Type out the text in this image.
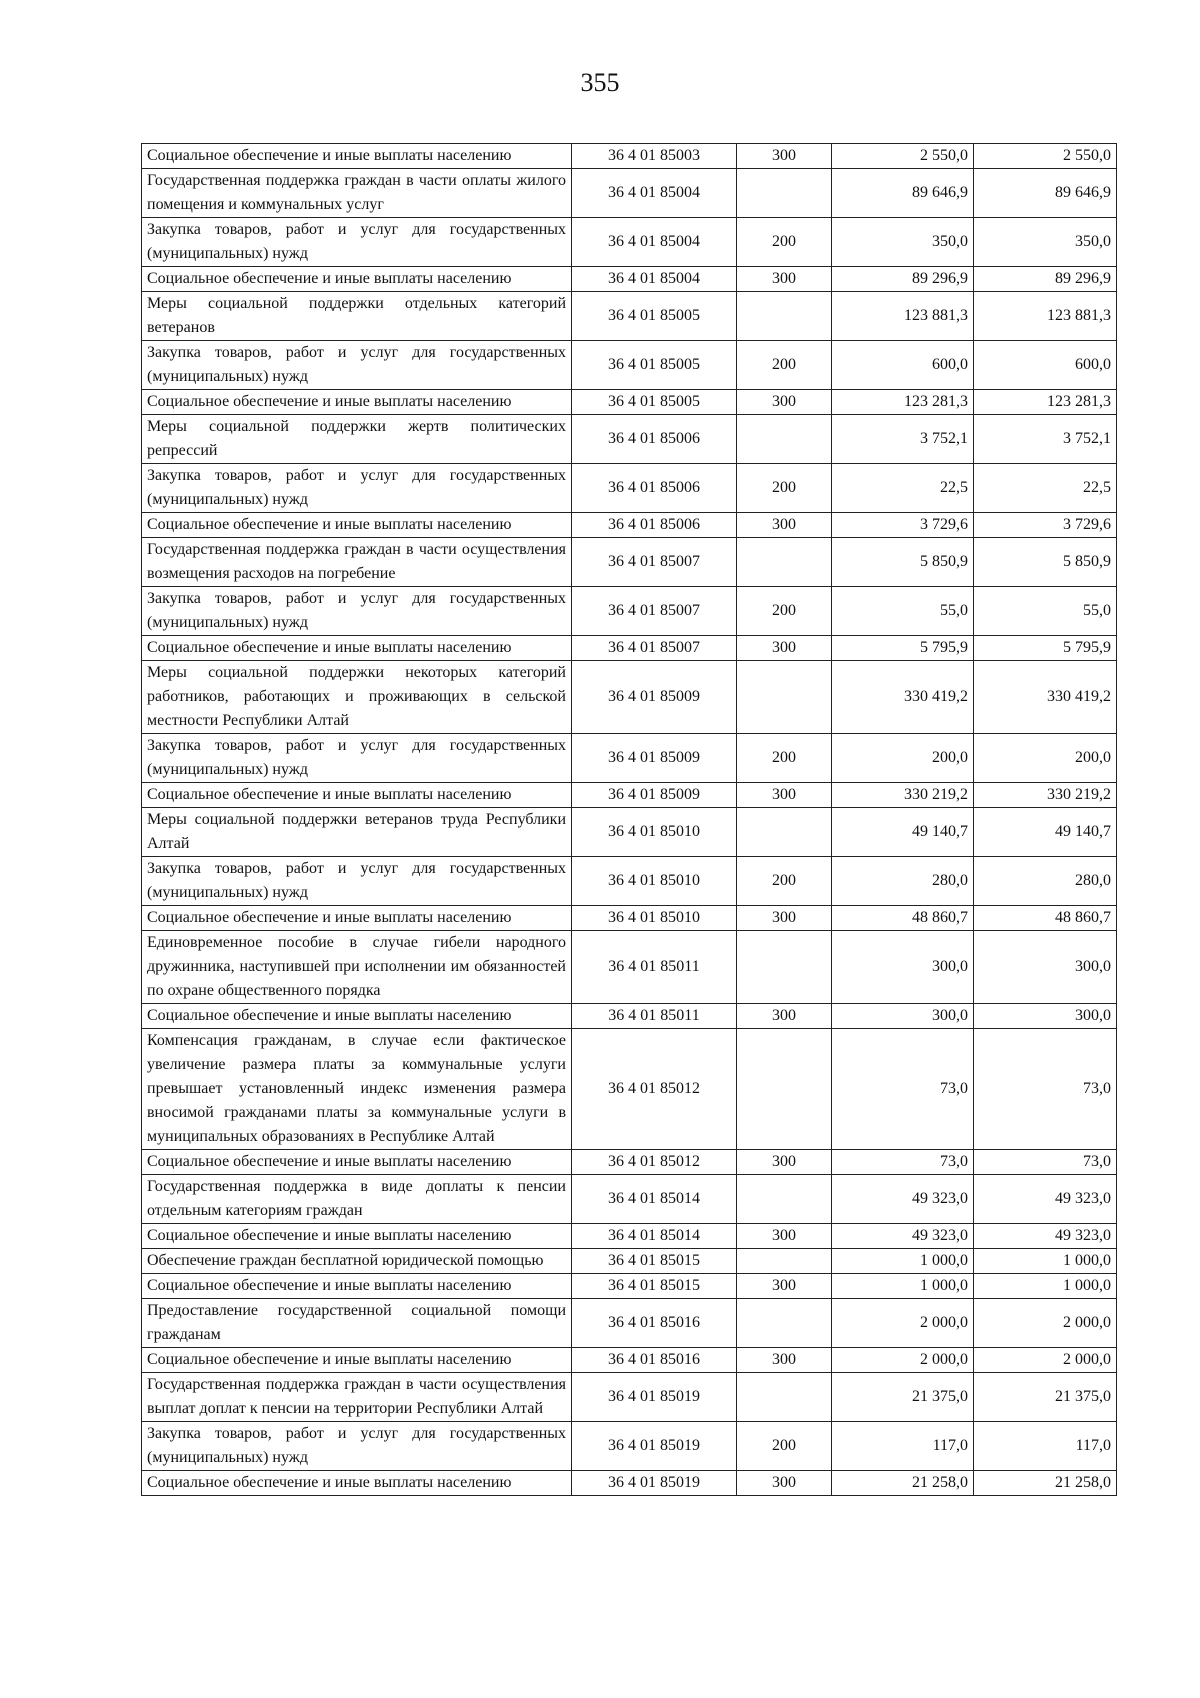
355
Социальное обеспечение и иные выплаты населению	36 4 01 85003	300	2 550,0	2 550,0
Государственная поддержка граждан в части оплаты жилого помещения и коммунальных услуг	36 4 01 85004		89 646,9	89 646,9
Закупка товаров, работ и услуг для государственных (муниципальных) нужд	36 4 01 85004	200	350,0	350,0
Социальное обеспечение и иные выплаты населению	36 4 01 85004	300	89 296,9	89 296,9
Меры социальной поддержки отдельных категорий ветеранов	36 4 01 85005		123 881,3	123 881,3
Закупка товаров, работ и услуг для государственных (муниципальных) нужд	36 4 01 85005	200	600,0	600,0
Социальное обеспечение и иные выплаты населению	36 4 01 85005	300	123 281,3	123 281,3
Меры социальной поддержки жертв политических репрессий	36 4 01 85006		3 752,1	3 752,1
Закупка товаров, работ и услуг для государственных (муниципальных) нужд	36 4 01 85006	200	22,5	22,5
Социальное обеспечение и иные выплаты населению	36 4 01 85006	300	3 729,6	3 729,6
Государственная поддержка граждан в части осуществления возмещения расходов на погребение	36 4 01 85007		5 850,9	5 850,9
Закупка товаров, работ и услуг для государственных (муниципальных) нужд	36 4 01 85007	200	55,0	55,0
Социальное обеспечение и иные выплаты населению	36 4 01 85007	300	5 795,9	5 795,9
Меры социальной поддержки некоторых категорий работников, работающих и проживающих в сельской местности Республики Алтай	36 4 01 85009		330 419,2	330 419,2
Закупка товаров, работ и услуг для государственных (муниципальных) нужд	36 4 01 85009	200	200,0	200,0
Социальное обеспечение и иные выплаты населению	36 4 01 85009	300	330 219,2	330 219,2
Меры социальной поддержки ветеранов труда Республики Алтай	36 4 01 85010		49 140,7	49 140,7
Закупка товаров, работ и услуг для государственных (муниципальных) нужд	36 4 01 85010	200	280,0	280,0
Социальное обеспечение и иные выплаты населению	36 4 01 85010	300	48 860,7	48 860,7
Единовременное пособие в случае гибели народного дружинника, наступившей при исполнении им обязанностей по охране общественного порядка	36 4 01 85011		300,0	300,0
Социальное обеспечение и иные выплаты населению	36 4 01 85011	300	300,0	300,0
Компенсация гражданам, в случае если фактическое увеличение размера платы за коммунальные услуги превышает установленный индекс изменения размера вносимой гражданами платы за коммунальные услуги в муниципальных образованиях в Республике Алтай	36 4 01 85012		73,0	73,0
Социальное обеспечение и иные выплаты населению	36 4 01 85012	300	73,0	73,0
Государственная поддержка в виде доплаты к пенсии отдельным категориям граждан	36 4 01 85014		49 323,0	49 323,0
Социальное обеспечение и иные выплаты населению	36 4 01 85014	300	49 323,0	49 323,0
Обеспечение граждан бесплатной юридической помощью	36 4 01 85015		1 000,0	1 000,0
Социальное обеспечение и иные выплаты населению	36 4 01 85015	300	1 000,0	1 000,0
Предоставление государственной социальной помощи гражданам	36 4 01 85016		2 000,0	2 000,0
Социальное обеспечение и иные выплаты населению	36 4 01 85016	300	2 000,0	2 000,0
Государственная поддержка граждан в части осуществления выплат доплат к пенсии на территории Республики Алтай	36 4 01 85019		21 375,0	21 375,0
Закупка товаров, работ и услуг для государственных (муниципальных) нужд	36 4 01 85019	200	117,0	117,0
Социальное обеспечение и иные выплаты населению	36 4 01 85019	300	21 258,0	21 258,0
